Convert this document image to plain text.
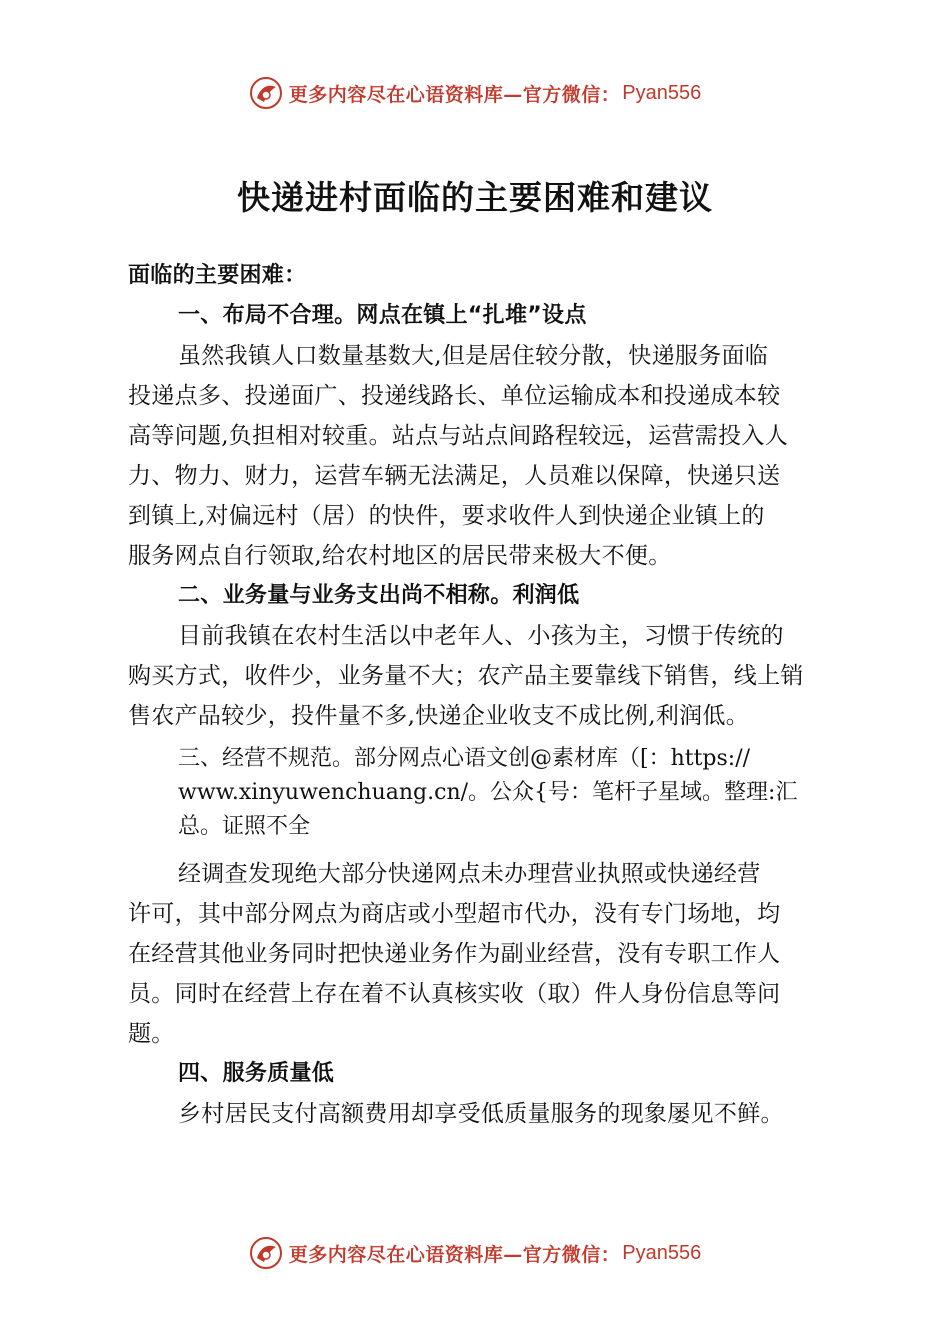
更多内容尽在心语资料库—官方微信： Pyan556
快递进村面临的主要困难和建议
面临的主要困难：
一、布局不合理。网点在镇上“扎堆”设点
虽然我镇人口数量基数大,但是居住较分散，快递服务面临
投递点多、投递面广、投递线路长、单位运输成本和投递成本较
高等问题,负担相对较重。站点与站点间路程较远，运营需投入人
力、物力、财力，运营车辆无法满足，人员难以保障，快递只送
到镇上,对偏远村（居）的快件，要求收件人到快递企业镇上的
服务网点自行领取,给农村地区的居民带来极大不便。
二、业务量与业务支出尚不相称。利润低
目前我镇在农村生活以中老年人、小孩为主，习惯于传统的
购买方式，收件少，业务量不大；农产品主要靠线下销售，线上销
售农产品较少，投件量不多,快递企业收支不成比例,利润低。
三、经营不规范。部分网点心语文创@素材库（[：https://
www.xinyuwenchuang.cn/。公众{号：笔杆子星域。整理:汇
总。证照不全
经调查发现绝大部分快递网点未办理营业执照或快递经营
许可，其中部分网点为商店或小型超市代办，没有专门场地，均
在经营其他业务同时把快递业务作为副业经营，没有专职工作人
员。同时在经营上存在着不认真核实收（取）件人身份信息等问
题。
四、服务质量低
乡村居民支付高额费用却享受低质量服务的现象屡见不鲜。
更多内容尽在心语资料库—官方微信： Pyan556
